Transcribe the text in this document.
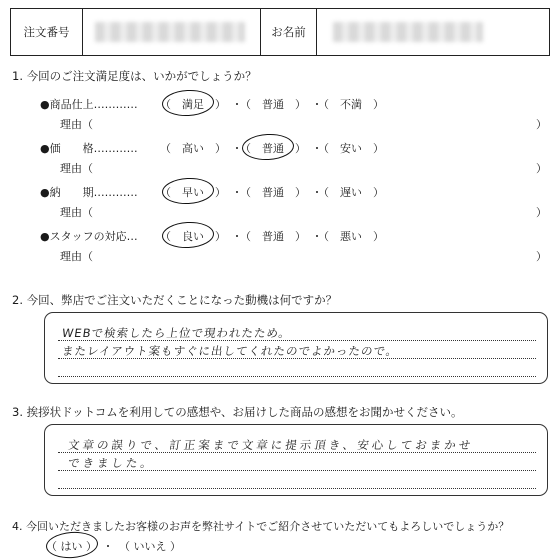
注文番号	お名前
1. 今回のご注文満足度は、いかがでしょうか？
●商品仕上………… （　満足　）　・
（　普通　）　・
（　不満　）
理由（	）
●価　　格………… （　高い　）　・
（　普通　）　・
（　安い　）
理由（	）
●納　　期………… （　早い　）　・
（　普通　）　・
（　遅い　）
理由（	）
●スタッフの対応… （　良い　）　・
（　普通　）　・
（　悪い　）
理由（	）
2. 今回、弊店でご注文いただくことになった動機は何ですか？
WEBで検索したら上位で現われたため。
またレイアウト案もすぐに出してくれたのでよかったので。
3. 挨拶状ドットコムを利用しての感想や、お届けした商品の感想をお聞かせください。
文章の誤りで、訂正案まで文章に提示頂き、安心しておまかせ
できました。
4. 今回いただきましたお客様のお声を弊社サイトでご紹介させていただいてもよろしいでしょうか？
（ はい ）　・　（ いいえ ）
